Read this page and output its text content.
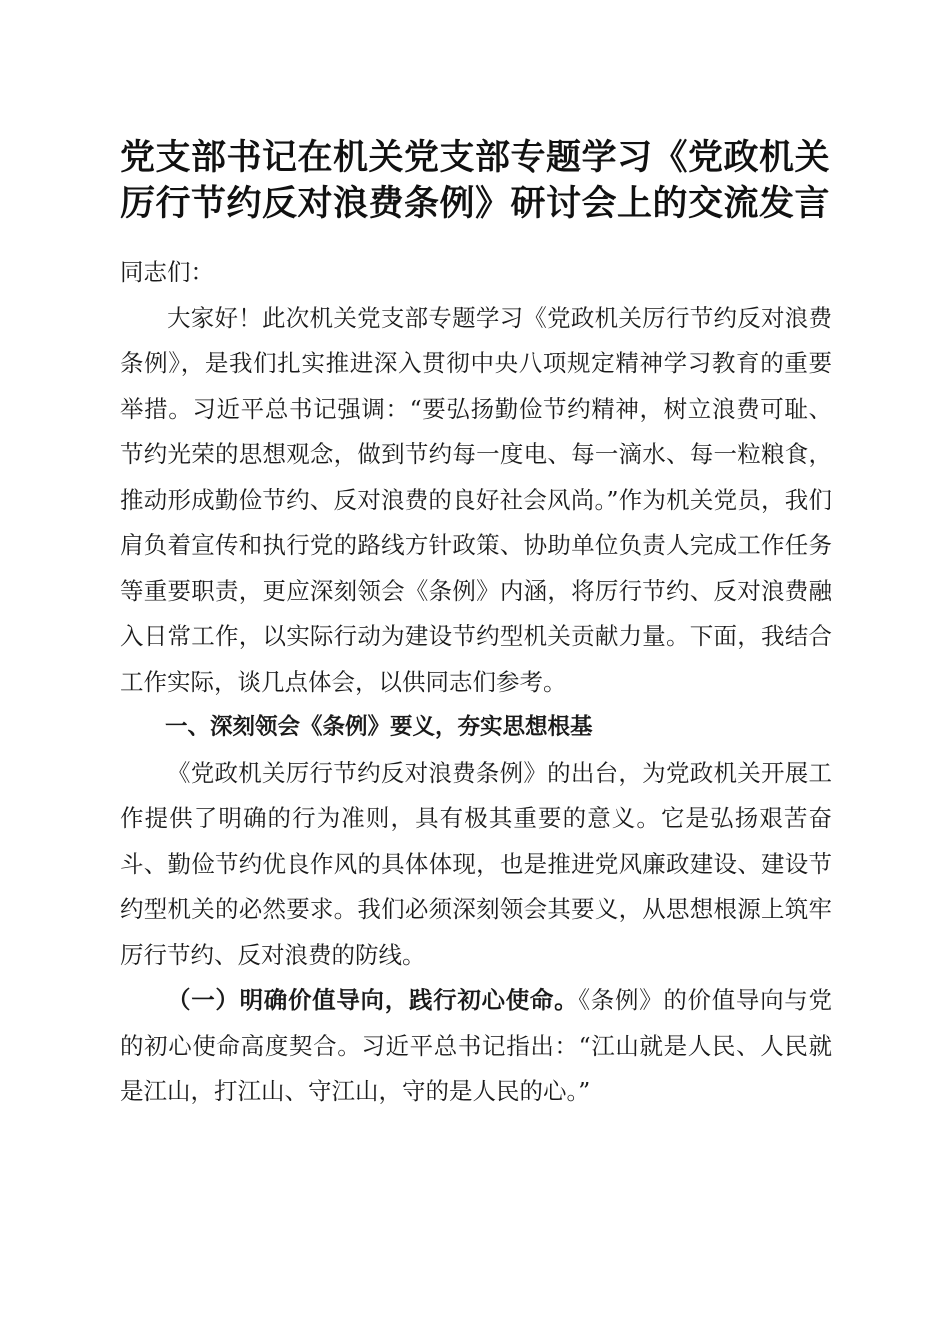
党支部书记在机关党支部专题学习《党政机关
厉行节约反对浪费条例》研讨会上的交流发言

同志们：

大家好！此次机关党支部专题学习《党政机关厉行节约反对浪费条例》，是我们扎实推进深入贯彻中央八项规定精神学习教育的重要举措。习近平总书记强调：“要弘扬勤俭节约精神，树立浪费可耻、节约光荣的思想观念，做到节约每一度电、每一滴水、每一粒粮食，推动形成勤俭节约、反对浪费的良好社会风尚。”作为机关党员，我们肩负着宣传和执行党的路线方针政策、协助单位负责人完成工作任务等重要职责，更应深刻领会《条例》内涵，将厉行节约、反对浪费融入日常工作，以实际行动为建设节约型机关贡献力量。下面，我结合工作实际，谈几点体会，以供同志们参考。

一、深刻领会《条例》要义，夯实思想根基

《党政机关厉行节约反对浪费条例》的出台，为党政机关开展工作提供了明确的行为准则，具有极其重要的意义。它是弘扬艰苦奋斗、勤俭节约优良作风的具体体现，也是推进党风廉政建设、建设节约型机关的必然要求。我们必须深刻领会其要义，从思想根源上筑牢厉行节约、反对浪费的防线。

（一）明确价值导向，践行初心使命。《条例》的价值导向与党的初心使命高度契合。习近平总书记指出：“江山就是人民、人民就是江山，打江山、守江山，守的是人民的心。”
